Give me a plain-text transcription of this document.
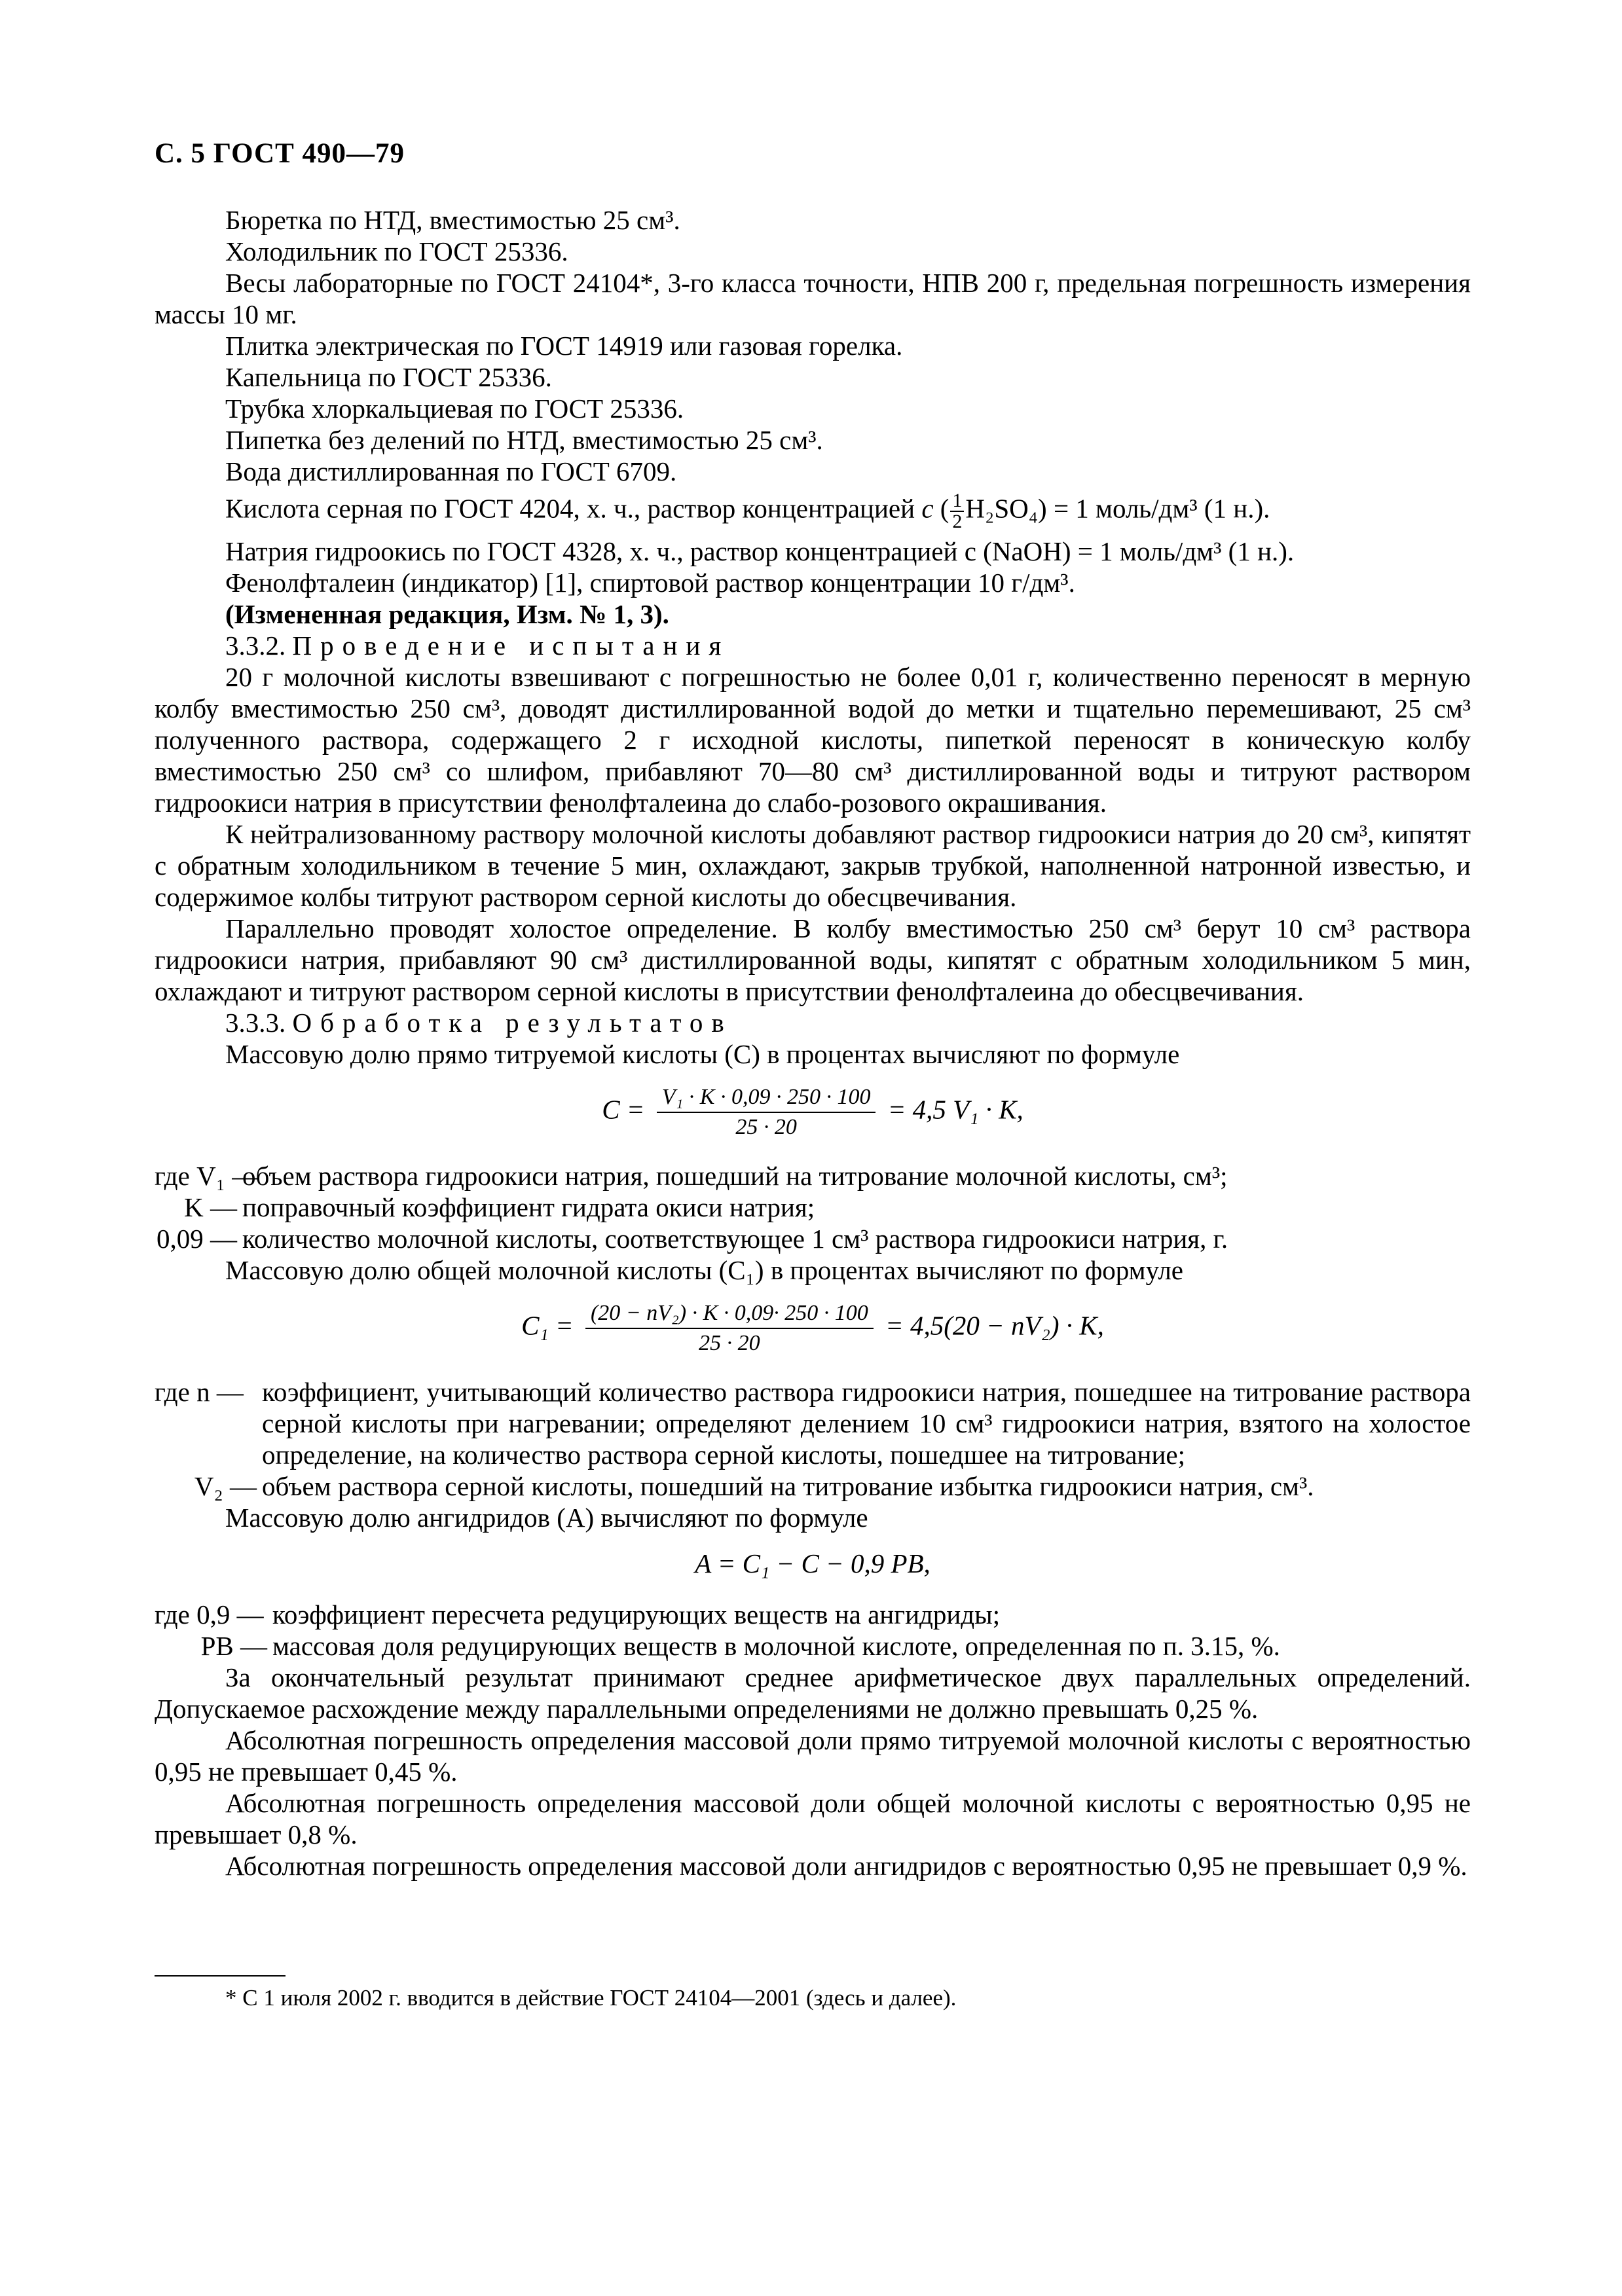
С. 5 ГОСТ 490—79

Бюретка по НТД, вместимостью 25 см³.

Холодильник по ГОСТ 25336.

Весы лабораторные по ГОСТ 24104*, 3-го класса точности, НПВ 200 г, предельная погрешность измерения массы 10 мг.

Плитка электрическая по ГОСТ 14919 или газовая горелка.

Капельница по ГОСТ 25336.

Трубка хлоркальциевая по ГОСТ 25336.

Пипетка без делений по НТД, вместимостью 25 см³.

Вода дистиллированная по ГОСТ 6709.

Кислота серная по ГОСТ 4204, х. ч., раствор концентрацией c ( $\frac{1}{2} H_2SO_4) = 1$ моль/дм³ (1 н.).

Натрия гидроокись по ГОСТ 4328, х. ч., раствор концентрацией c (NaOH) = 1 моль/дм³ (1 н.).

Фенолфталеин (индикатор) [1], спиртовой раствор концентрации 10 г/дм³.

(Измененная редакция, Изм. № 1, 3).

3.3.2. Проведение испытания

20 г молочной кислоты взвешивают с погрешностью не более 0,01 г, количественно переносят в мерную колбу вместимостью 250 см³, доводят дистиллированной водой до метки и тщательно перемешивают, 25 см³ полученного раствора, содержащего 2 г исходной кислоты, пипеткой переносят в коническую колбу вместимостью 250 см³ со шлифом, прибавляют 70—80 см³ дистиллированной воды и титруют раствором гидроокиси натрия в присутствии фенолфталеина до слабо-розового окрашивания.

К нейтрализованному раствору молочной кислоты добавляют раствор гидроокиси натрия до 20 см³, кипятят с обратным холодильником в течение 5 мин, охлаждают, закрыв трубкой, наполненной натронной известью, и содержимое колбы титруют раствором серной кислоты до обесцвечивания.

Параллельно проводят холостое определение. В колбу вместимостью 250 см³ берут 10 см³ раствора гидроокиси натрия, прибавляют 90 см³ дистиллированной воды, кипятят с обратным холодильником 5 мин, охлаждают и титруют раствором серной кислоты в присутствии фенолфталеина до обесцвечивания.

3.3.3. Обработка результатов

Массовую долю прямо титруемой кислоты (C) в процентах вычисляют по формуле

$C = \frac{\text{V₁ · K · 0,09 · 250 · 100}}{25 \cdot 20} = 4,5$ V₁ · K,
где V₁ —
объем раствора гидроокиси натрия, пошедший на титрование молочной кислоты, см³;
K — поправочный коэффициент гидрата окиси натрия;
0,09 — количество молочной кислоты, соответствующее 1 см³ раствора гидроокиси натрия, г.

Массовую долю общей молочной кислоты (C₁) в процентах вычисляют по формуле

$C_1 = \frac{\text{(20 − nV₂) · K · 0,09· 250 · 100}}{25 \cdot 20} = 4,5(20 - nV_2) \cdot K$,
где n — коэффициент, учитывающий количество раствора гидроокиси натрия, пошедшее на титрование раствора серной кислоты при нагревании; определяют делением 10 см³ гидроокиси натрия, взятого на холостое определение, на количество раствора серной кислоты, пошедшее на титрование;
V₂ — объем раствора серной кислоты, пошедший на титрование избытка гидроокиси натрия, см³.

Массовую долю ангидридов (A) вычисляют по формуле

A = C₁ − C − 0,9 PB,
где 0,9 — коэффициент пересчета редуцирующих веществ на ангидриды;
PB — массовая доля редуцирующих веществ в молочной кислоте, определенная по п. 3.15, %.

За окончательный результат принимают среднее арифметическое двух параллельных определений. Допускаемое расхождение между параллельными определениями не должно превышать 0,25 %.

Абсолютная погрешность определения массовой доли прямо титруемой молочной кислоты с вероятностью 0,95 не превышает 0,45 %.

Абсолютная погрешность определения массовой доли общей молочной кислоты с вероятностью 0,95 не превышает 0,8 %.

Абсолютная погрешность определения массовой доли ангидридов с вероятностью 0,95 не превышает 0,9 %.

* С 1 июля 2002 г. вводится в действие ГОСТ 24104—2001 (здесь и далее).
